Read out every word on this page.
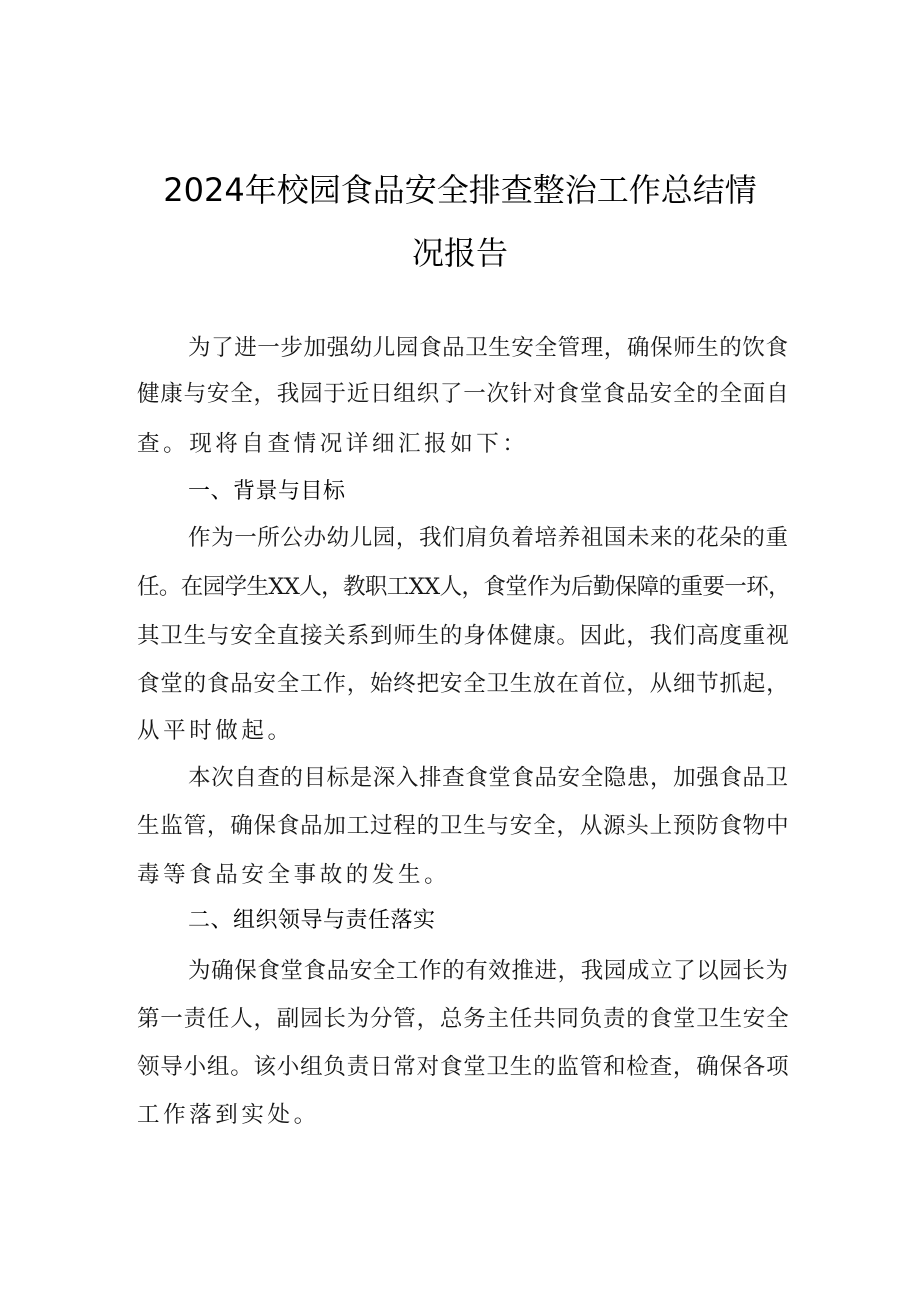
2024年校园食品安全排查整治工作总结情
况报告
为了进一步加强幼儿园食品卫生安全管理，确保师生的饮食
健康与安全，我园于近日组织了一次针对食堂食品安全的全面自
查。现将自查情况详细汇报如下：
一、背景与目标
作为一所公办幼儿园，我们肩负着培养祖国未来的花朵的重
任。在园学生XX人，教职工XX人，食堂作为后勤保障的重要一环，
其卫生与安全直接关系到师生的身体健康。因此，我们高度重视
食堂的食品安全工作，始终把安全卫生放在首位，从细节抓起，
从平时做起。
本次自查的目标是深入排查食堂食品安全隐患，加强食品卫
生监管，确保食品加工过程的卫生与安全，从源头上预防食物中
毒等食品安全事故的发生。
二、组织领导与责任落实
为确保食堂食品安全工作的有效推进，我园成立了以园长为
第一责任人，副园长为分管，总务主任共同负责的食堂卫生安全
领导小组。该小组负责日常对食堂卫生的监管和检查，确保各项
工作落到实处。
